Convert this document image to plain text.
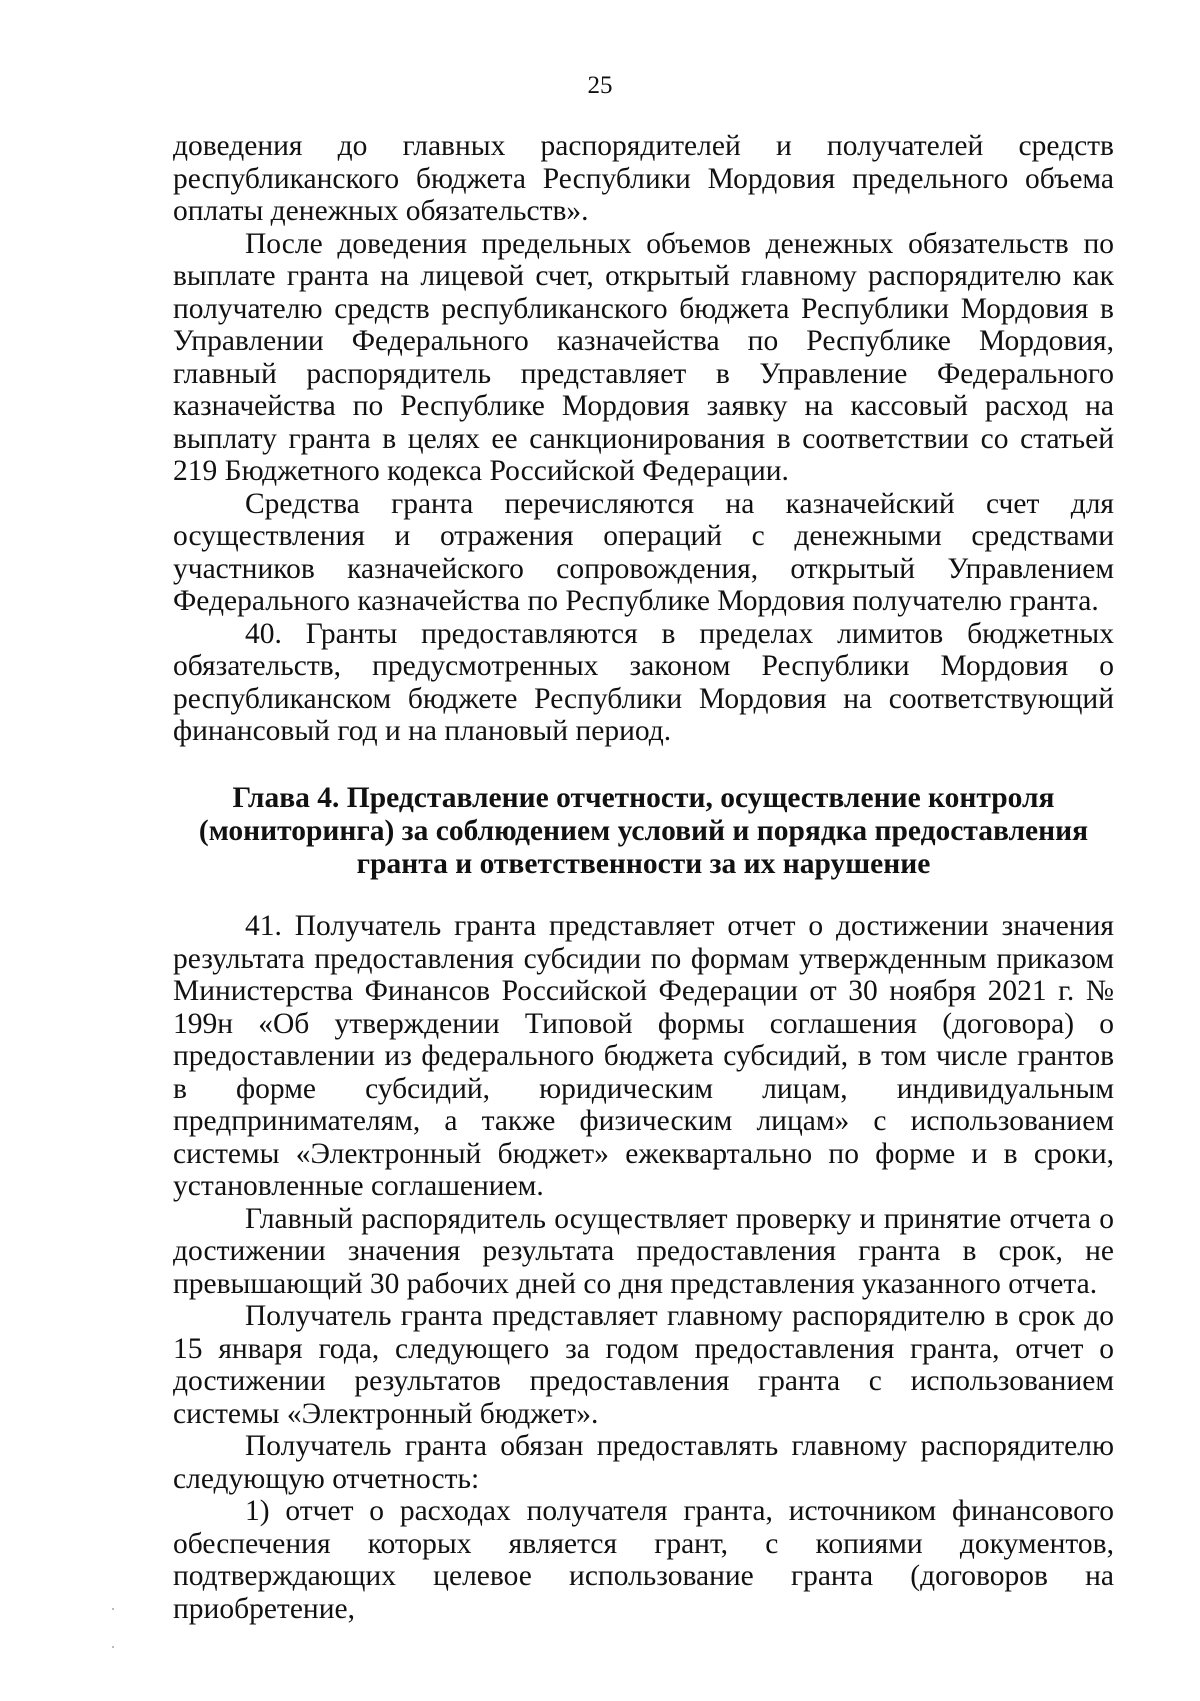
25

доведения до главных распорядителей и получателей средств республиканского бюджета Республики Мордовия предельного объема оплаты денежных обязательств».

После доведения предельных объемов денежных обязательств по выплате гранта на лицевой счет, открытый главному распорядителю как получателю средств республиканского бюджета Республики Мордовия в Управлении Федерального казначейства по Республике Мордовия, главный распорядитель представляет в Управление Федерального казначейства по Республике Мордовия заявку на кассовый расход на выплату гранта в целях ее санкционирования в соответствии со статьей 219 Бюджетного кодекса Российской Федерации.

Средства гранта перечисляются на казначейский счет для осуществления и отражения операций с денежными средствами участников казначейского сопровождения, открытый Управлением Федерального казначейства по Республике Мордовия получателю гранта.

40. Гранты предоставляются в пределах лимитов бюджетных обязательств, предусмотренных законом Республики Мордовия о республиканском бюджете Республики Мордовия на соответствующий финансовый год и на плановый период.

Глава 4. Представление отчетности, осуществление контроля
(мониторинга) за соблюдением условий и порядка предоставления
гранта и ответственности за их нарушение

41. Получатель гранта представляет отчет о достижении значения результата предоставления субсидии по формам утвержденным приказом Министерства Финансов Российской Федерации от 30 ноября 2021 г. № 199н «Об утверждении Типовой формы соглашения (договора) о предоставлении из федерального бюджета субсидий, в том числе грантов в форме субсидий, юридическим лицам, индивидуальным предпринимателям, а также физическим лицам» с использованием системы «Электронный бюджет» ежеквартально по форме и в сроки, установленные соглашением.

Главный распорядитель осуществляет проверку и принятие отчета о достижении значения результата предоставления гранта в срок, не превышающий 30 рабочих дней со дня представления указанного отчета.

Получатель гранта представляет главному распорядителю в срок до 15 января года, следующего за годом предоставления гранта, отчет о достижении результатов предоставления гранта с использованием системы «Электронный бюджет».

Получатель гранта обязан предоставлять главному распорядителю следующую отчетность:

1) отчет о расходах получателя гранта, источником финансового обеспечения которых является грант, с копиями документов, подтверждающих целевое использование гранта (договоров на приобретение,
